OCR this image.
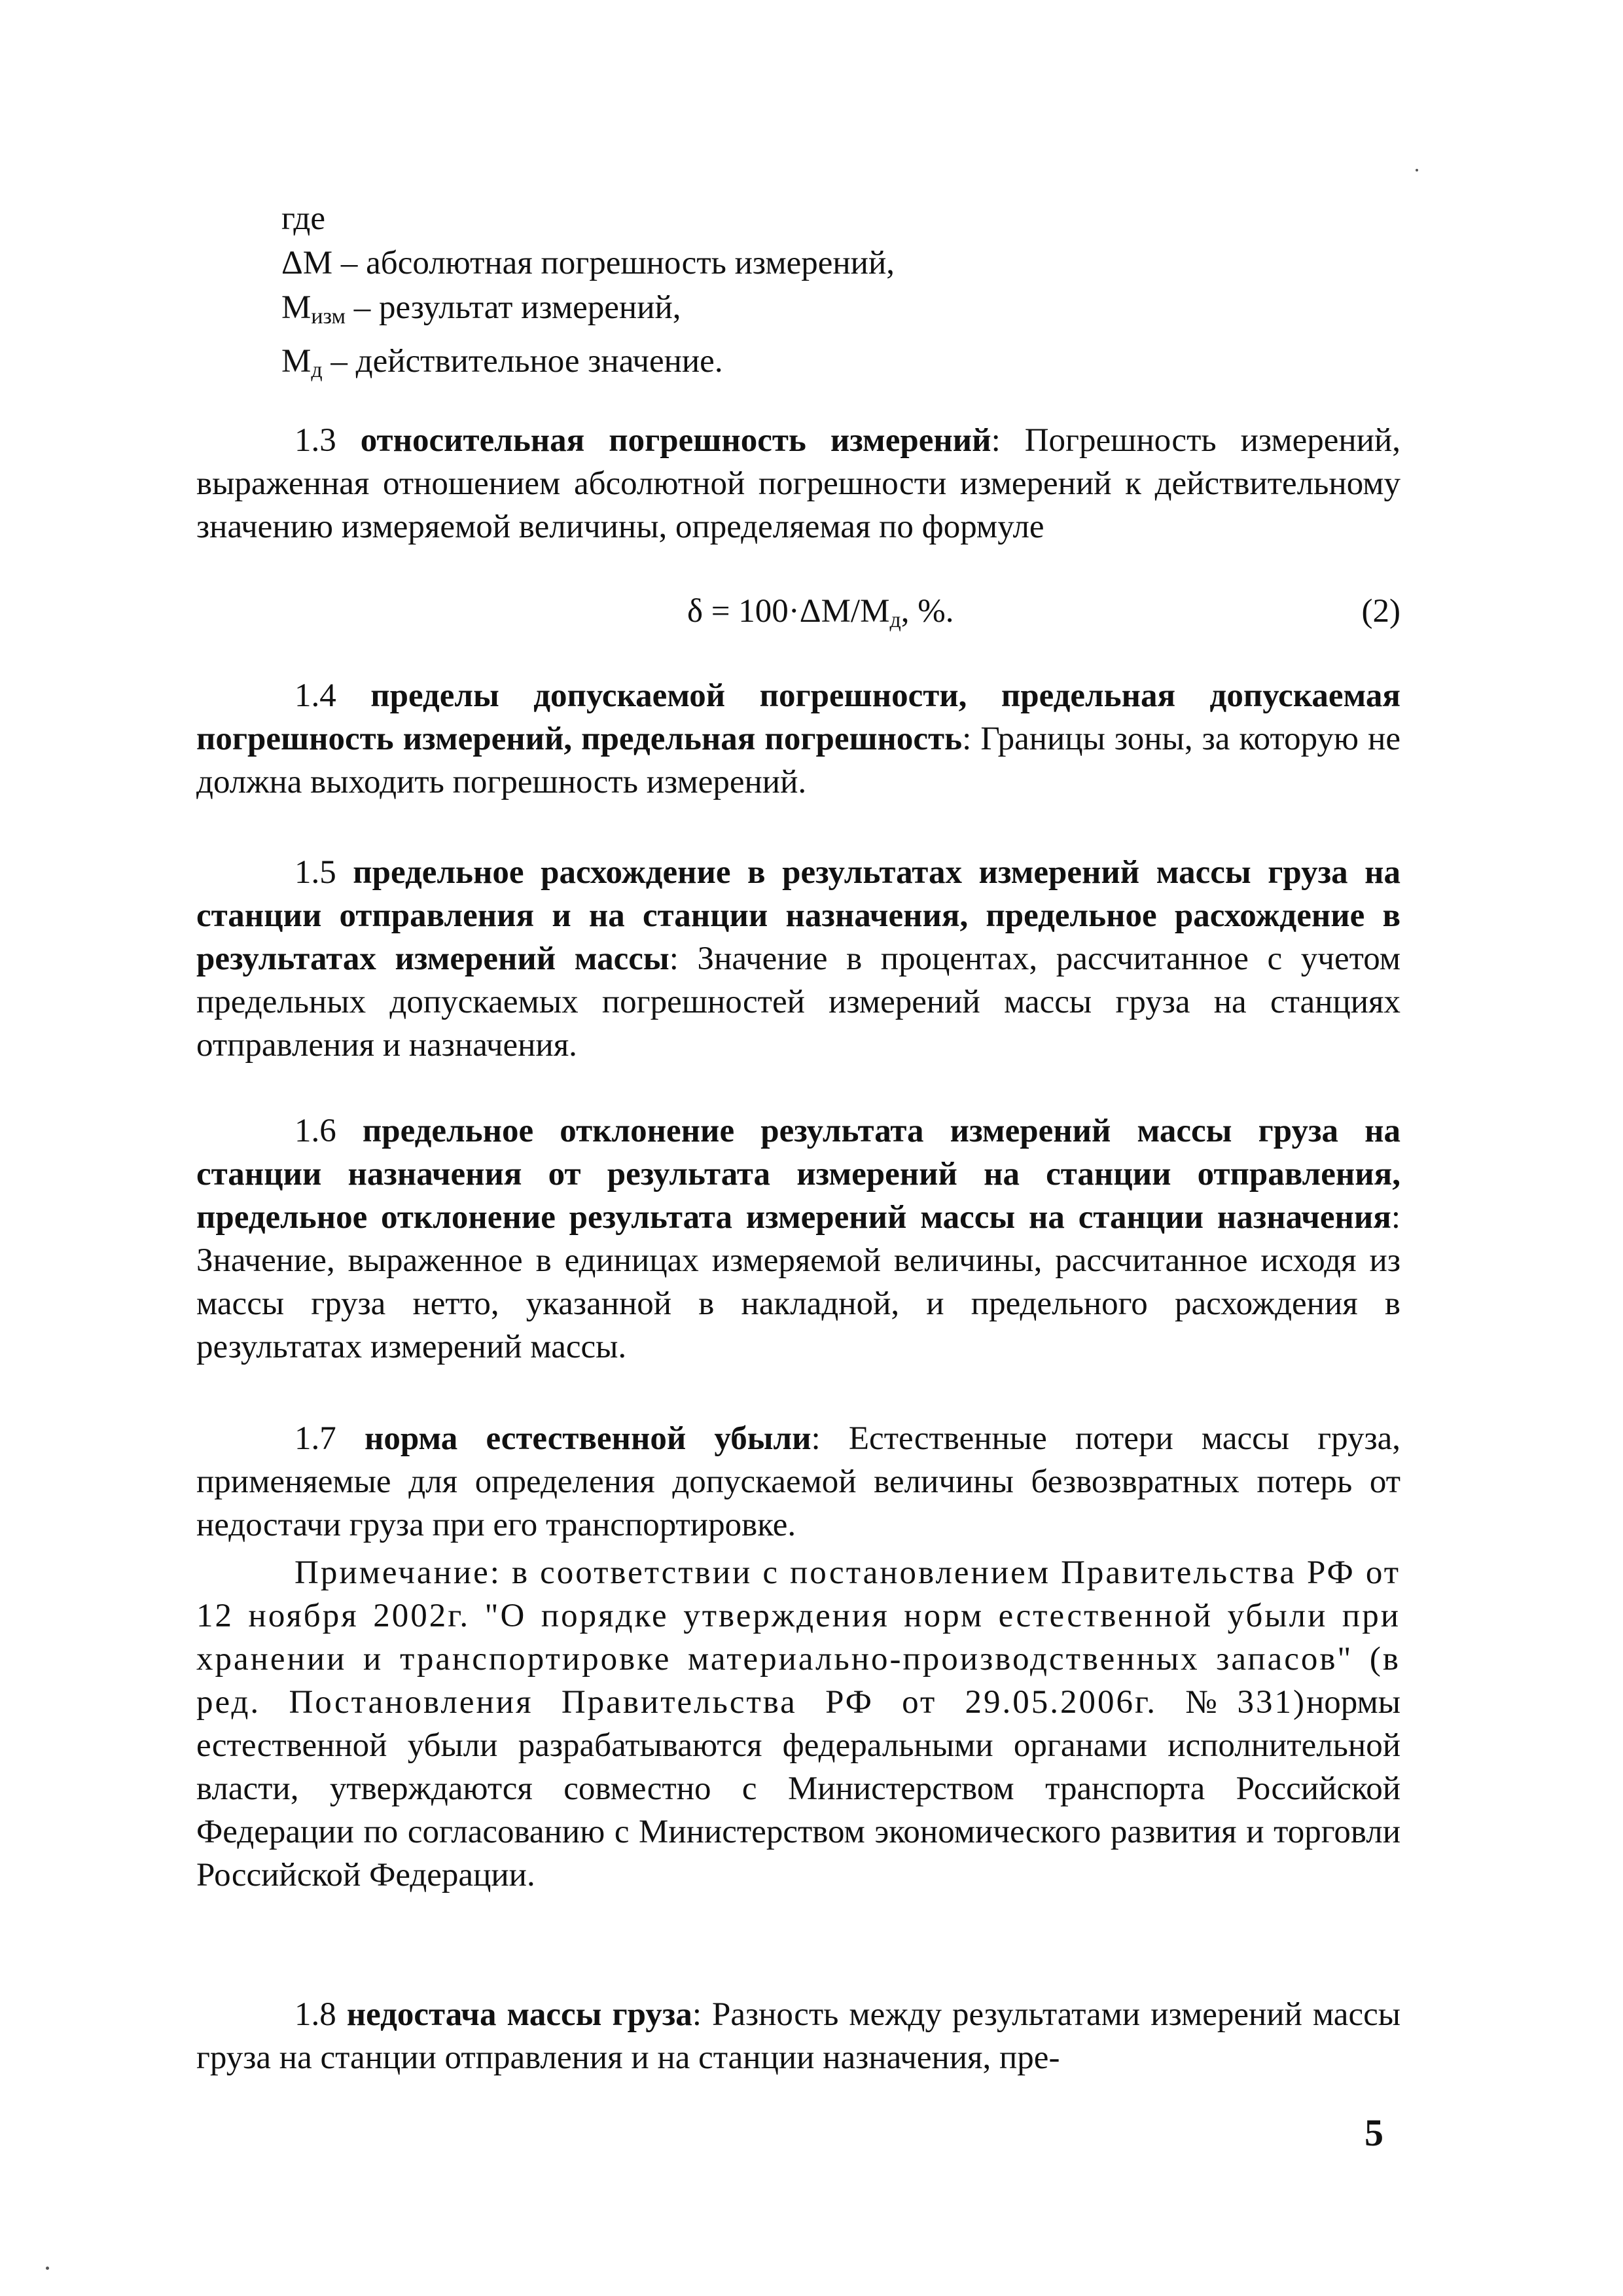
где
ΔМ – абсолютная погрешность измерений,
$М_{изм}$ – результат измерений,
$М_д$ – действительное значение.

1.3 относительная погрешность измерений: Погрешность измерений, выраженная отношением абсолютной погрешности измерений к действительному значению измеряемой величины, определяемая по формуле

$\delta = 100\cdot\Delta М/М_д$, %.	(2)

1.4 пределы допускаемой погрешности, предельная допускаемая погрешность измерений, предельная погрешность: Границы зоны, за которую не должна выходить погрешность измерений.

1.5 предельное расхождение в результатах измерений массы груза на станции отправления и на станции назначения, предельное расхождение в результатах измерений массы: Значение в процентах, рассчитанное с учетом предельных допускаемых погрешностей измерений массы груза на станциях отправления и назначения.

1.6 предельное отклонение результата измерений массы груза на станции назначения от результата измерений на станции отправления, предельное отклонение результата измерений массы на станции назначения: Значение, выраженное в единицах измеряемой величины, рассчитанное исходя из массы груза нетто, указанной в накладной, и предельного расхождения в результатах измерений массы.

1.7 норма естественной убыли: Естественные потери массы груза, применяемые для определения допускаемой величины безвозвратных потерь от недостачи груза при его транспортировке.

Примечание: в соответствии с постановлением Правительства РФ от 12 ноября 2002г. "О порядке утверждения норм естественной убыли при хранении и транспортировке материально-производственных запасов" (в ред. Постановления Правительства РФ от 29.05.2006г. №331)нормы естественной убыли разрабатываются федеральными органами исполнительной власти, утверждаются совместно с Министерством транспорта Российской Федерации по согласованию с Министерством экономического развития и торговли Российской Федерации.

1.8 недостача массы груза: Разность между результатами измерений массы груза на станции отправления и на станции назначения, пре-

5
